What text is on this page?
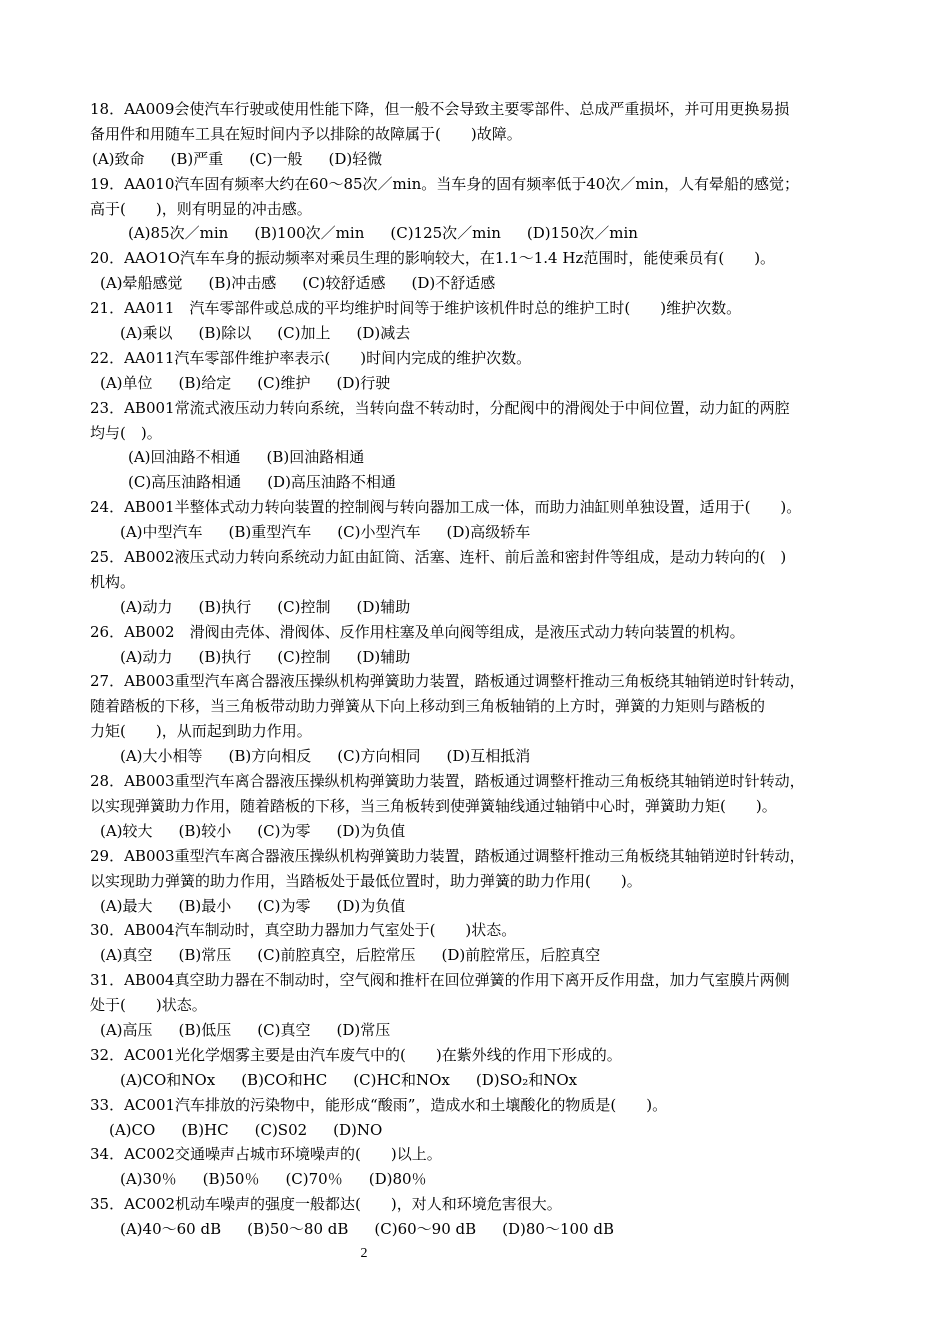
18．AA009会使汽车行驶或使用性能下降，但一般不会导致主要零部件、总成严重损坏，并可用更换易损
备用件和用随车工具在短时间内予以排除的故障属于(　　)故障。
(A)致命 (B)严重 (C)一般 (D)轻微
19．AA010汽车固有频率大约在60～85次／min。当车身的固有频率低于40次／min，人有晕船的感觉；
高于(　　)，则有明显的冲击感。
(A)85次／min (B)100次／min (C)125次／min (D)150次／min
20．AAO1O汽车车身的振动频率对乘员生理的影响较大，在1.1～1.4 Hz范围时，能使乘员有(　　)。
(A)晕船感觉 (B)冲击感 (C)较舒适感 (D)不舒适感
21．AA011　汽车零部件或总成的平均维护时间等于维护该机件时总的维护工时(　　)维护次数。
(A)乘以 (B)除以 (C)加上 (D)减去
22．AA011汽车零部件维护率表示(　　)时间内完成的维护次数。
(A)单位 (B)给定 (C)维护 (D)行驶
23．AB001常流式液压动力转向系统，当转向盘不转动时，分配阀中的滑阀处于中间位置，动力缸的两腔
均与(　)。
(A)回油路不相通 (B)回油路相通
(C)高压油路相通 (D)高压油路不相通
24．AB001半整体式动力转向装置的控制阀与转向器加工成一体，而助力油缸则单独设置，适用于(　　)。
(A)中型汽车 (B)重型汽车 (C)小型汽车 (D)高级轿车
25．AB002液压式动力转向系统动力缸由缸筒、活塞、连杆、前后盖和密封件等组成，是动力转向的(　)
机构。
(A)动力 (B)执行 (C)控制 (D)辅助
26．AB002　滑阀由壳体、滑阀体、反作用柱塞及单向阀等组成，是液压式动力转向装置的机构。
(A)动力 (B)执行 (C)控制 (D)辅助
27．AB003重型汽车离合器液压操纵机构弹簧助力装置，踏板通过调整杆推动三角板绕其轴销逆时针转动，
随着踏板的下移，当三角板带动助力弹簧从下向上移动到三角板轴销的上方时，弹簧的力矩则与踏板的
力矩(　　)，从而起到助力作用。
(A)大小相等 (B)方向相反 (C)方向相同 (D)互相抵消
28．AB003重型汽车离合器液压操纵机构弹簧助力装置，踏板通过调整杆推动三角板绕其轴销逆时针转动，
以实现弹簧助力作用，随着踏板的下移，当三角板转到使弹簧轴线通过轴销中心时，弹簧助力矩(　　)。
(A)较大 (B)较小 (C)为零 (D)为负值
29．AB003重型汽车离合器液压操纵机构弹簧助力装置，踏板通过调整杆推动三角板绕其轴销逆时针转动，
以实现助力弹簧的助力作用，当踏板处于最低位置时，助力弹簧的助力作用(　　)。
(A)最大 (B)最小 (C)为零 (D)为负值
30．AB004汽车制动时，真空助力器加力气室处于(　　)状态。
(A)真空 (B)常压 (C)前腔真空，后腔常压 (D)前腔常压，后腔真空
31．AB004真空助力器在不制动时，空气阀和推杆在回位弹簧的作用下离开反作用盘，加力气室膜片两侧
处于(　　)状态。
(A)高压 (B)低压 (C)真空 (D)常压
32．AC001光化学烟雾主要是由汽车废气中的(　　)在紫外线的作用下形成的。
(A)CO和NOx (B)CO和HC (C)HC和NOx (D)SO₂和NOx
33．AC001汽车排放的污染物中，能形成“酸雨”，造成水和土壤酸化的物质是(　　)。
(A)CO (B)HC (C)S02 (D)NO
34．AC002交通噪声占城市环境噪声的(　　)以上。
(A)30％ (B)50％ (C)70％ (D)80％
35．AC002机动车噪声的强度一般都达(　　)，对人和环境危害很大。
(A)40～60 dB (B)50～80 dB (C)60～90 dB (D)80～100 dB
2
